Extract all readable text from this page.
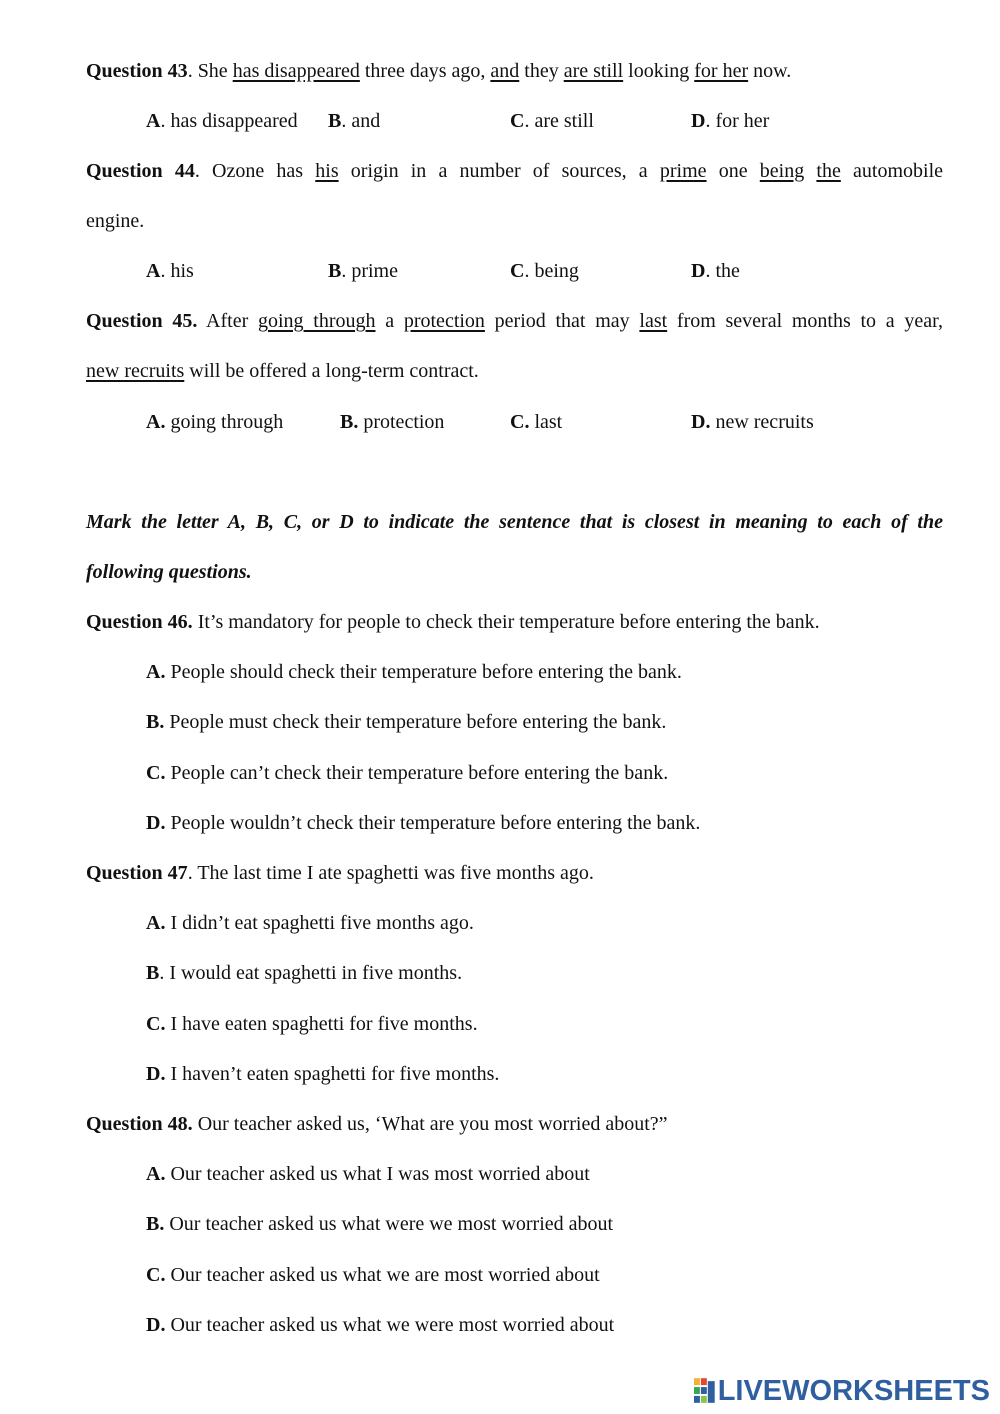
Question 43. She has disappeared three days ago, and they are still looking for her now.
A. has disappeared B. and	C. are still	D. for her
Question 44. Ozone has his origin in a number of sources, a prime one being the automobile
engine.
A. his	B. prime	C. being	D. the
Question 45. After going through a protection period that may last from several months to a year,
new recruits will be offered a long-term contract.
A. going through	B. protection	C. last	D. new recruits
Mark the letter A, B, C, or D to indicate the sentence that is closest in meaning to each of the
following questions.
Question 46. It’s mandatory for people to check their temperature before entering the bank.
A. People should check their temperature before entering the bank.
B. People must check their temperature before entering the bank.
C. People can’t check their temperature before entering the bank.
D. People wouldn’t check their temperature before entering the bank.
Question 47. The last time I ate spaghetti was five months ago.
A. I didn’t eat spaghetti five months ago.
B. I would eat spaghetti in five months.
C. I have eaten spaghetti for five months.
D. I haven’t eaten spaghetti for five months.
Question 48. Our teacher asked us, ‘What are you most worried about?”
A. Our teacher asked us what I was most worried about
B. Our teacher asked us what were we most worried about
C. Our teacher asked us what we are most worried about
D. Our teacher asked us what we were most worried about
LIVEWORKSHEETS
